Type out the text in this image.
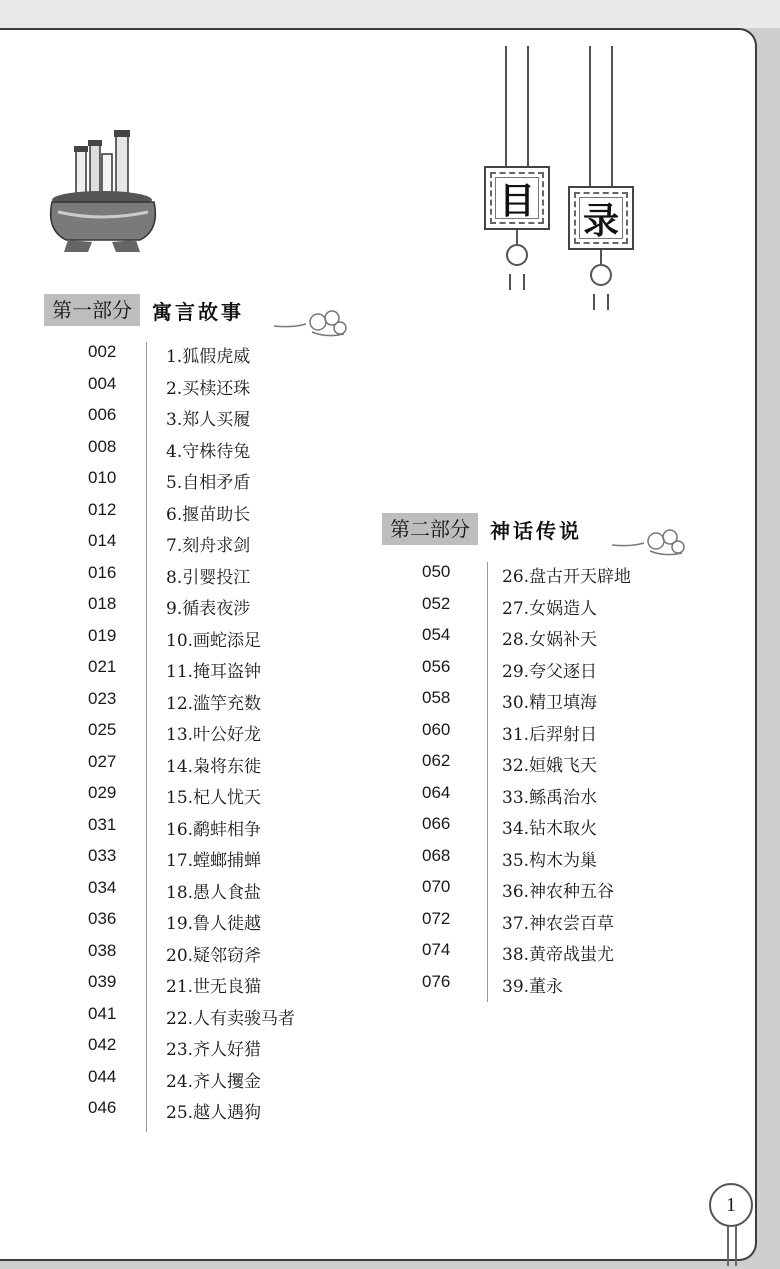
目 录
第一部分	寓言故事
002	1.狐假虎威
004	2.买椟还珠
006	3.郑人买履
008	4.守株待兔
010	5.自相矛盾
012	6.揠苗助长
014	7.刻舟求剑
016	8.引婴投江
018	9.循表夜涉
019	10.画蛇添足
021	11.掩耳盗钟
023	12.滥竽充数
025	13.叶公好龙
027	14.枭将东徙
029	15.杞人忧天
031	16.鹬蚌相争
033	17.螳螂捕蝉
034	18.愚人食盐
036	19.鲁人徙越
038	20.疑邻窃斧
039	21.世无良猫
041	22.人有卖骏马者
042	23.齐人好猎
044	24.齐人攫金
046	25.越人遇狗
第二部分	神话传说
050	26.盘古开天辟地
052	27.女娲造人
054	28.女娲补天
056	29.夸父逐日
058	30.精卫填海
060	31.后羿射日
062	32.姮娥飞天
064	33.鲧禹治水
066	34.钻木取火
068	35.构木为巢
070	36.神农种五谷
072	37.神农尝百草
074	38.黄帝战蚩尤
076	39.董永
1
